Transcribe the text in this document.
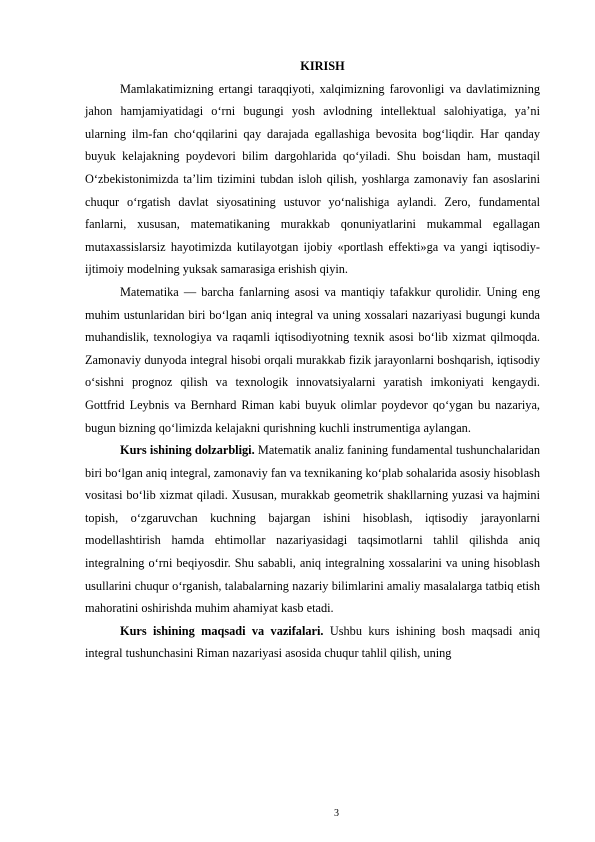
KIRISH

Mamlakatimizning ertangi taraqqiyoti, xalqimizning farovonligi va davlatimizning jahon hamjamiyatidagi o‘rni bugungi yosh avlodning intellektual salohiyatiga, ya’ni ularning ilm-fan cho‘qqilarini qay darajada egallashiga bevosita bog‘liqdir. Har qanday buyuk kelajakning poydevori bilim dargohlarida qo‘yiladi. Shu boisdan ham, mustaqil O‘zbekistonimizda ta’lim tizimini tubdan isloh qilish, yoshlarga zamonaviy fan asoslarini chuqur o‘rgatish davlat siyosatining ustuvor yo‘nalishiga aylandi. Zero, fundamental fanlarni, xususan, matematikaning murakkab qonuniyatlarini mukammal egallagan mutaxassislarsiz hayotimizda kutilayotgan ijobiy «portlash effekti»ga va yangi iqtisodiy-ijtimoiy modelning yuksak samarasiga erishish qiyin.

Matematika — barcha fanlarning asosi va mantiqiy tafakkur qurolidir. Uning eng muhim ustunlaridan biri bo‘lgan aniq integral va uning xossalari nazariyasi bugungi kunda muhandislik, texnologiya va raqamli iqtisodiyotning texnik asosi bo‘lib xizmat qilmoqda. Zamonaviy dunyoda integral hisobi orqali murakkab fizik jarayonlarni boshqarish, iqtisodiy o‘sishni prognoz qilish va texnologik innovatsiyalarni yaratish imkoniyati kengaydi. Gottfrid Leybnis va Bernhard Riman kabi buyuk olimlar poydevor qo‘ygan bu nazariya, bugun bizning qo‘limizda kelajakni qurishning kuchli instrumentiga aylangan.

Kurs ishining dolzarbligi. Matematik analiz fanining fundamental tushunchalaridan biri bo‘lgan aniq integral, zamonaviy fan va texnikaning ko‘plab sohalarida asosiy hisoblash vositasi bo‘lib xizmat qiladi. Xususan, murakkab geometrik shakllarning yuzasi va hajmini topish, o‘zgaruvchan kuchning bajargan ishini hisoblash, iqtisodiy jarayonlarni modellashtirish hamda ehtimollar nazariyasidagi taqsimotlarni tahlil qilishda aniq integralning o‘rni beqiyosdir. Shu sababli, aniq integralning xossalarini va uning hisoblash usullarini chuqur o‘rganish, talabalarning nazariy bilimlarini amaliy masalalarga tatbiq etish mahoratini oshirishda muhim ahamiyat kasb etadi.

Kurs ishining maqsadi va vazifalari. Ushbu kurs ishining bosh maqsadi aniq integral tushunchasini Riman nazariyasi asosida chuqur tahlil qilish, uning

3
